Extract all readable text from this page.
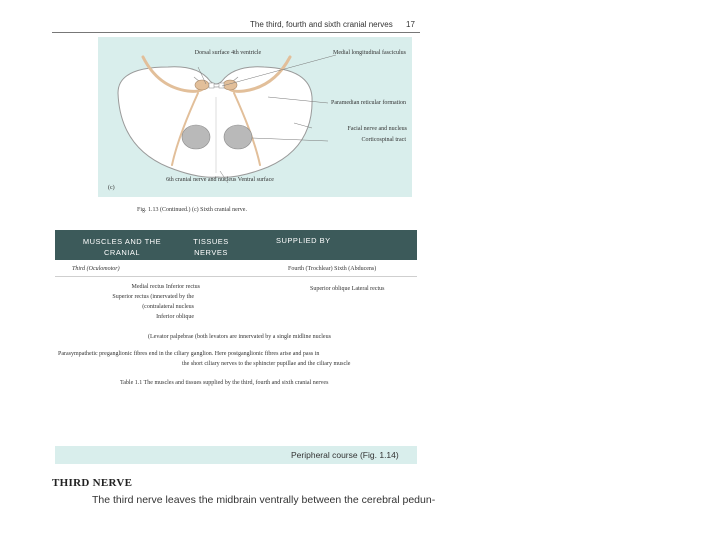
The third, fourth and sixth cranial nerves 17
Dorsal surface 4th ventricle	Medial longitudinal fasciculus
Paramedian reticular formation
Facial nerve and nucleus
Corticospinal tract
6th cranial nerve and nucleus Ventral surface
(c)
Fig. 1.13 (Continued.) (c) Sixth cranial nerve.
MUSCLES AND THE CRANIAL
TISSUES NERVES
SUPPLIED BY
Third (Oculomotor)	Fourth (Trochlear) Sixth (Abducens)
Medial rectus Inferior rectus
Superior rectus (innervated by the
(contralateral nucleus
Inferior oblique
Superior oblique Lateral rectus
(Levator palpebrae (both levators are innervated by a single midline nucleus
Parasympathetic preganglionic fibres end in the ciliary ganglion. Here postganglionic fibres arise and pass in
the short ciliary nerves to the sphincter pupillae and the ciliary muscle
Table 1.1 The muscles and tissues supplied by the third, fourth and sixth cranial nerves
Peripheral course (Fig. 1.14)
THIRD NERVE
The third nerve leaves the midbrain ventrally between the cerebral pedun-
